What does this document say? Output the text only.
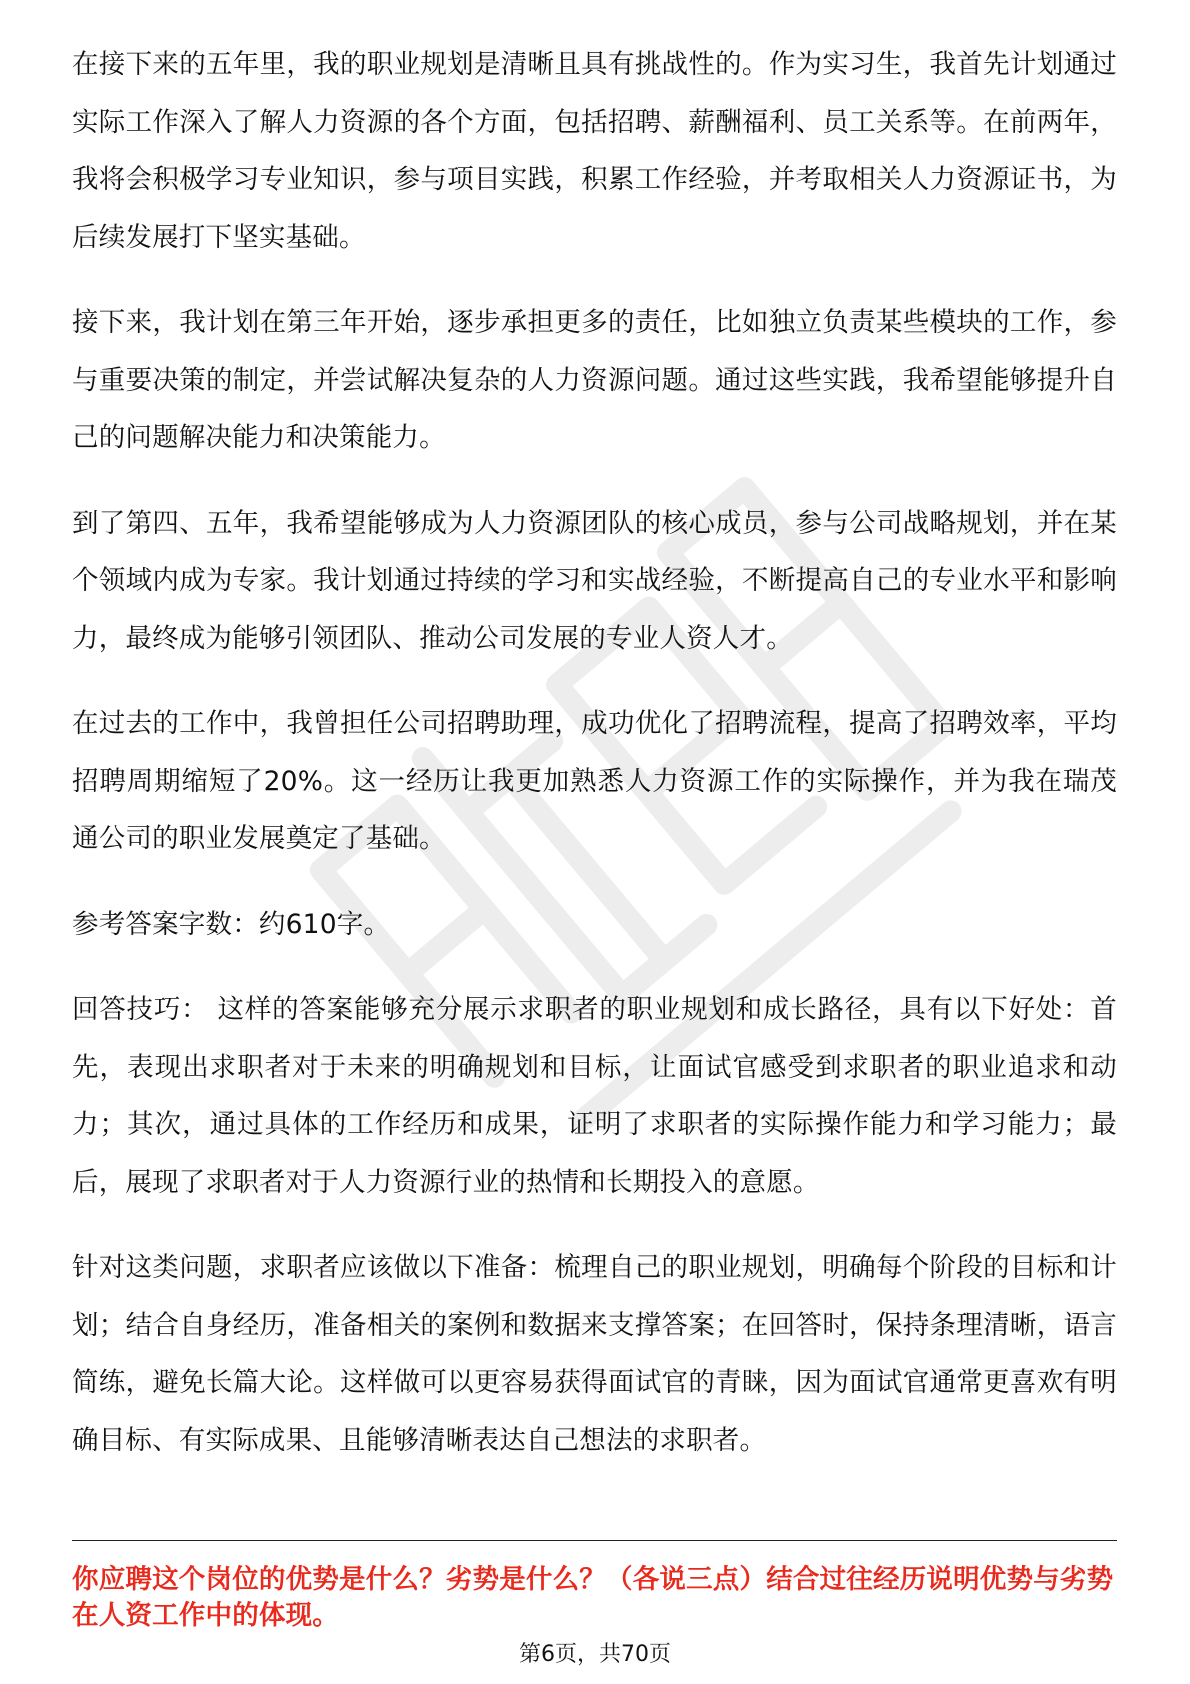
在接下来的五年里，我的职业规划是清晰且具有挑战性的。作为实习生，我首先计划通过实际工作深入了解人力资源的各个方面，包括招聘、薪酬福利、员工关系等。在前两年，我将会积极学习专业知识，参与项目实践，积累工作经验，并考取相关人力资源证书，为后续发展打下坚实基础。

接下来，我计划在第三年开始，逐步承担更多的责任，比如独立负责某些模块的工作，参与重要决策的制定，并尝试解决复杂的人力资源问题。通过这些实践，我希望能够提升自己的问题解决能力和决策能力。

到了第四、五年，我希望能够成为人力资源团队的核心成员，参与公司战略规划，并在某个领域内成为专家。我计划通过持续的学习和实战经验，不断提高自己的专业水平和影响力，最终成为能够引领团队、推动公司发展的专业人资人才。

在过去的工作中，我曾担任公司招聘助理，成功优化了招聘流程，提高了招聘效率，平均招聘周期缩短了20%。这一经历让我更加熟悉人力资源工作的实际操作，并为我在瑞茂通公司的职业发展奠定了基础。

参考答案字数：约610字。

回答技巧： 这样的答案能够充分展示求职者的职业规划和成长路径，具有以下好处：首先，表现出求职者对于未来的明确规划和目标，让面试官感受到求职者的职业追求和动力；其次，通过具体的工作经历和成果，证明了求职者的实际操作能力和学习能力；最后，展现了求职者对于人力资源行业的热情和长期投入的意愿。

针对这类问题，求职者应该做以下准备：梳理自己的职业规划，明确每个阶段的目标和计划；结合自身经历，准备相关的案例和数据来支撑答案；在回答时，保持条理清晰，语言简练，避免长篇大论。这样做可以更容易获得面试官的青睐，因为面试官通常更喜欢有明确目标、有实际成果、且能够清晰表达自己想法的求职者。

你应聘这个岗位的优势是什么？劣势是什么？（各说三点）结合过往经历说明优势与劣势在人资工作中的体现。

第6页，共70页
